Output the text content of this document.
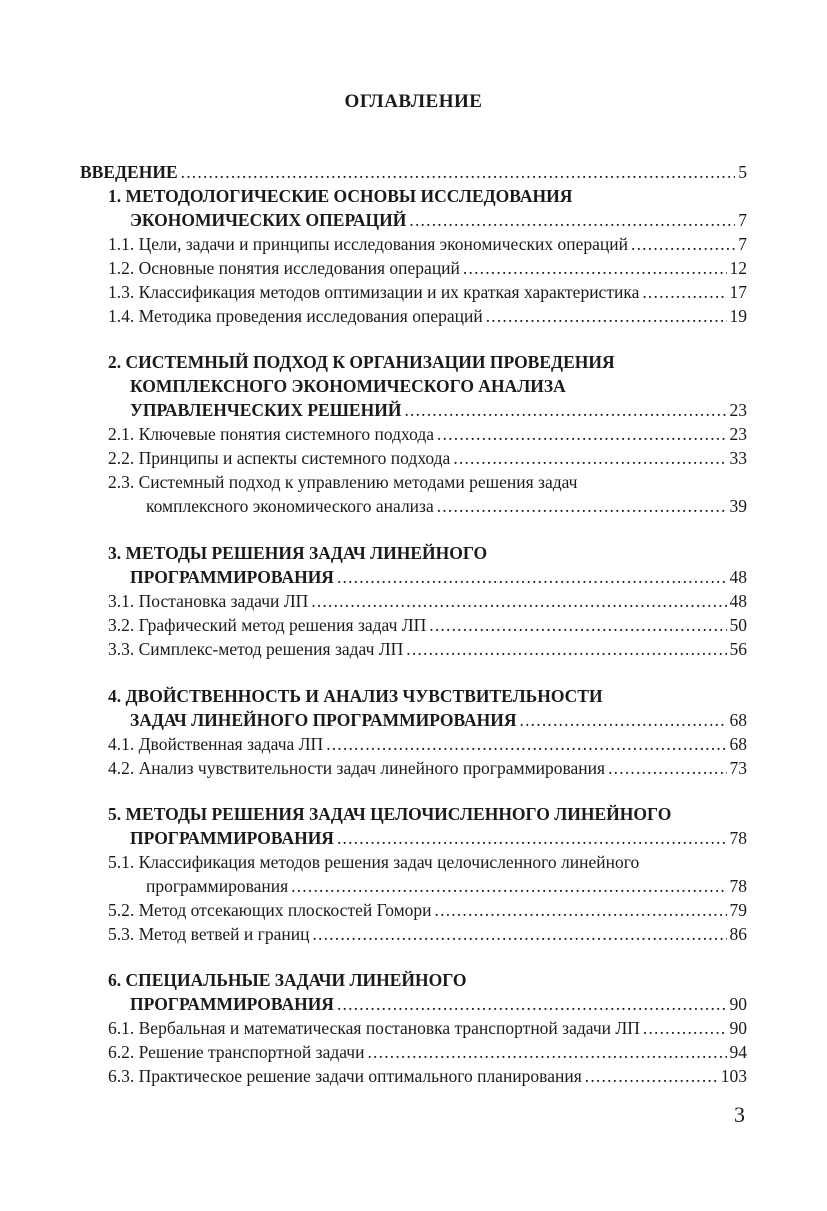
ОГЛАВЛЕНИЕ
ВВЕДЕНИЕ .....	5
1. МЕТОДОЛОГИЧЕСКИЕ ОСНОВЫ ИССЛЕДОВАНИЯ
ЭКОНОМИЧЕСКИХ ОПЕРАЦИЙ .....	7
1.1. Цели, задачи и принципы исследования экономических операций .....	7
1.2. Основные понятия исследования операций .....	12
1.3. Классификация методов оптимизации и их краткая характеристика .....	17
1.4. Методика проведения исследования операций .....	19
2. СИСТЕМНЫЙ ПОДХОД К ОРГАНИЗАЦИИ ПРОВЕДЕНИЯ
КОМПЛЕКСНОГО ЭКОНОМИЧЕСКОГО АНАЛИЗА
УПРАВЛЕНЧЕСКИХ РЕШЕНИЙ .....	23
2.1. Ключевые понятия системного подхода .....	23
2.2. Принципы и аспекты системного подхода .....	33
2.3. Системный подход к управлению методами решения задач
комплексного экономического анализа .....	39
3. МЕТОДЫ РЕШЕНИЯ ЗАДАЧ ЛИНЕЙНОГО
ПРОГРАММИРОВАНИЯ .....	48
3.1. Постановка задачи ЛП .....	48
3.2. Графический метод решения задач ЛП .....	50
3.3. Симплекс-метод решения задач ЛП .....	56
4. ДВОЙСТВЕННОСТЬ И АНАЛИЗ ЧУВСТВИТЕЛЬНОСТИ
ЗАДАЧ ЛИНЕЙНОГО ПРОГРАММИРОВАНИЯ .....	68
4.1. Двойственная задача ЛП .....	68
4.2. Анализ чувствительности задач линейного программирования .....	73
5. МЕТОДЫ РЕШЕНИЯ ЗАДАЧ ЦЕЛОЧИСЛЕННОГО ЛИНЕЙНОГО
ПРОГРАММИРОВАНИЯ .....	78
5.1. Классификация методов решения задач целочисленного линейного
программирования .....	78
5.2. Метод отсекающих плоскостей Гомори .....	79
5.3. Метод ветвей и границ .....	86
6. СПЕЦИАЛЬНЫЕ ЗАДАЧИ ЛИНЕЙНОГО
ПРОГРАММИРОВАНИЯ .....	90
6.1. Вербальная и математическая постановка транспортной задачи ЛП .....	90
6.2. Решение транспортной задачи .....	94
6.3. Практическое решение задачи оптимального планирования .....	103
3
